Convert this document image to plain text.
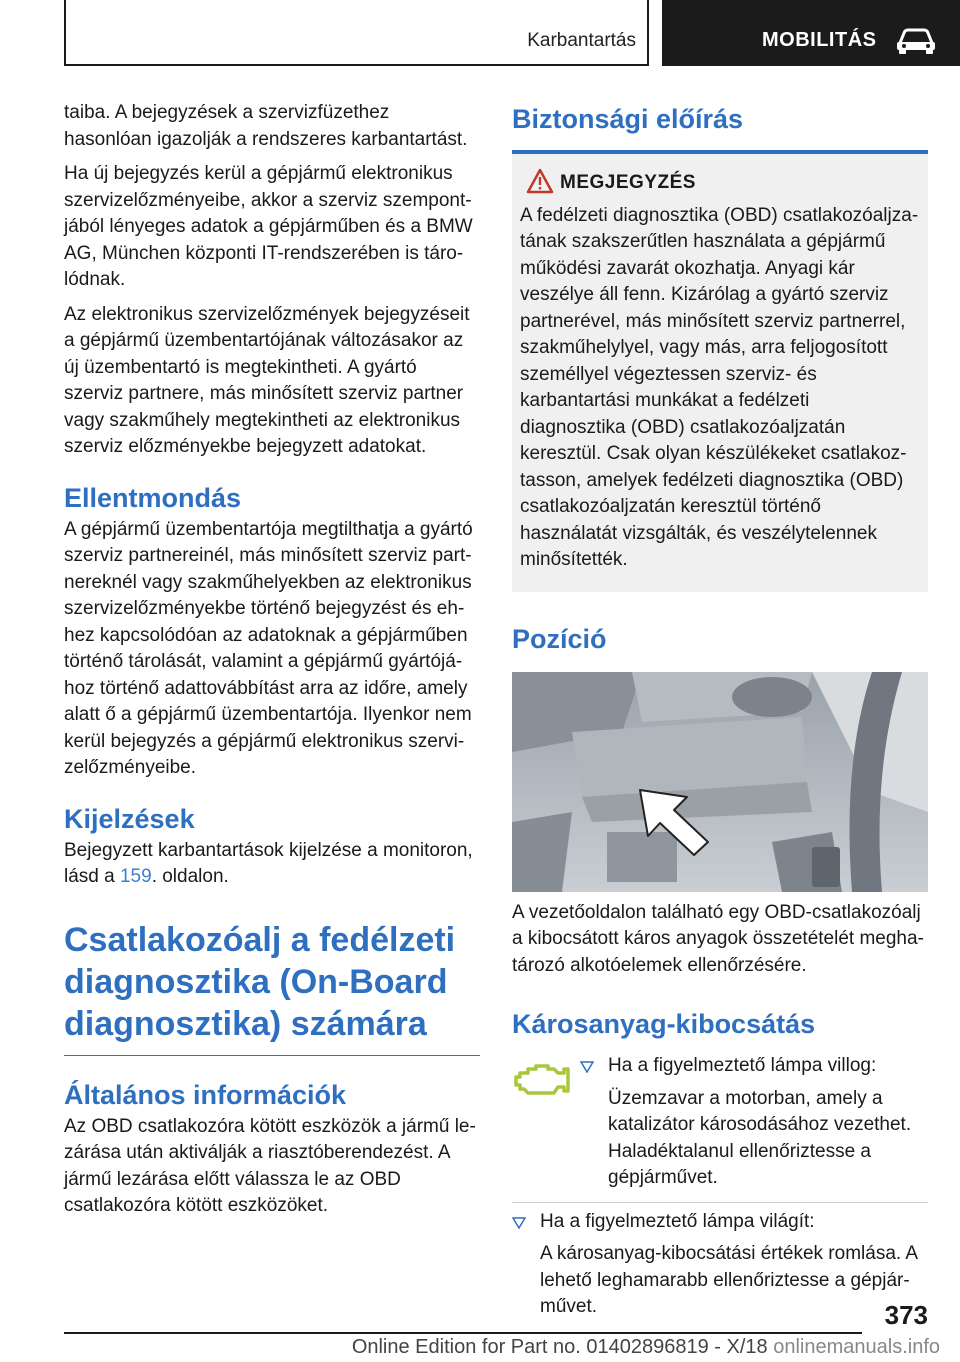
Karbantartás	MOBILITÁS

taiba. A bejegyzések a szervizfüzethez hasonlóan igazolják a rendszeres karbantartást.

Ha új bejegyzés kerül a gépjármű elektronikus szervizelőzményeibe, akkor a szerviz szempontjából lényeges adatok a gépjárműben és a BMW AG, München központi IT-rendszerében is tárolódnak.

Az elektronikus szervizelőzmények bejegyzéseit a gépjármű üzembentartójának változásakor az új üzembentartó is megtekintheti. A gyártó szerviz partnere, más minősített szerviz partner vagy szakműhely megtekintheti az elektronikus szerviz előzményekbe bejegyzett adatokat.

Ellentmondás

A gépjármű üzembentartója megtilthatja a gyártó szerviz partnereinél, más minősített szerviz partnereknél vagy szakműhelyekben az elektronikus szervizelőzményekbe történő bejegyzést és ehhez kapcsolódóan az adatoknak a gépjárműben történő tárolását, valamint a gépjármű gyártójához történő adattovábbítást arra az időre, amely alatt ő a gépjármű üzembentartója. Ilyenkor nem kerül bejegyzés a gépjármű elektronikus szervizelőzményeibe.

Kijelzések

Bejegyzett karbantartások kijelzése a monitoron, lásd a 159. oldalon.

Csatlakozóalj a fedélzeti diagnosztika (On-Board diagnosztika) számára
Általános információk

Az OBD csatlakozóra kötött eszközök a jármű lezárása után aktiválják a riasztóberendezést. A jármű lezárása előtt válassza le az OBD csatlakozóra kötött eszközöket.

Biztonsági előírás
MEGJEGYZÉS
A fedélzeti diagnosztika (OBD) csatlakozóaljzatának szakszerűtlen használata a gépjármű működési zavarát okozhatja. Anyagi kár veszélye áll fenn. Kizárólag a gyártó szerviz partnerével, más minősített szerviz partnerrel, szakműhelylyel, vagy más, arra feljogosított személlyel végeztessen szerviz- és karbantartási munkákat a fedélzeti diagnosztika (OBD) csatlakozóaljzatán keresztül. Csak olyan készülékeket csatlakoztasson, amelyek fedélzeti diagnosztika (OBD) csatlakozóaljzatán keresztül történő használatát vizsgálták, és veszélytelennek minősítették.
Pozíció

A vezetőoldalon található egy OBD-csatlakozóalj a kibocsátott káros anyagok összetételét meghatározó alkotóelemek ellenőrzésére.

Károsanyag-kibocsátás
Ha a figyelmeztető lámpa villog:
Üzemzavar a motorban, amely a katalizátor károsodásához vezethet. Haladéktalanul ellenőriztesse a gépjárművet.
Ha a figyelmeztető lámpa világít:
A károsanyag-kibocsátási értékek romlása. A lehető leghamarabb ellenőriztesse a gépjárművet.	373
Online Edition for Part no. 01402896819 - X/18 onlinemanuals.info
